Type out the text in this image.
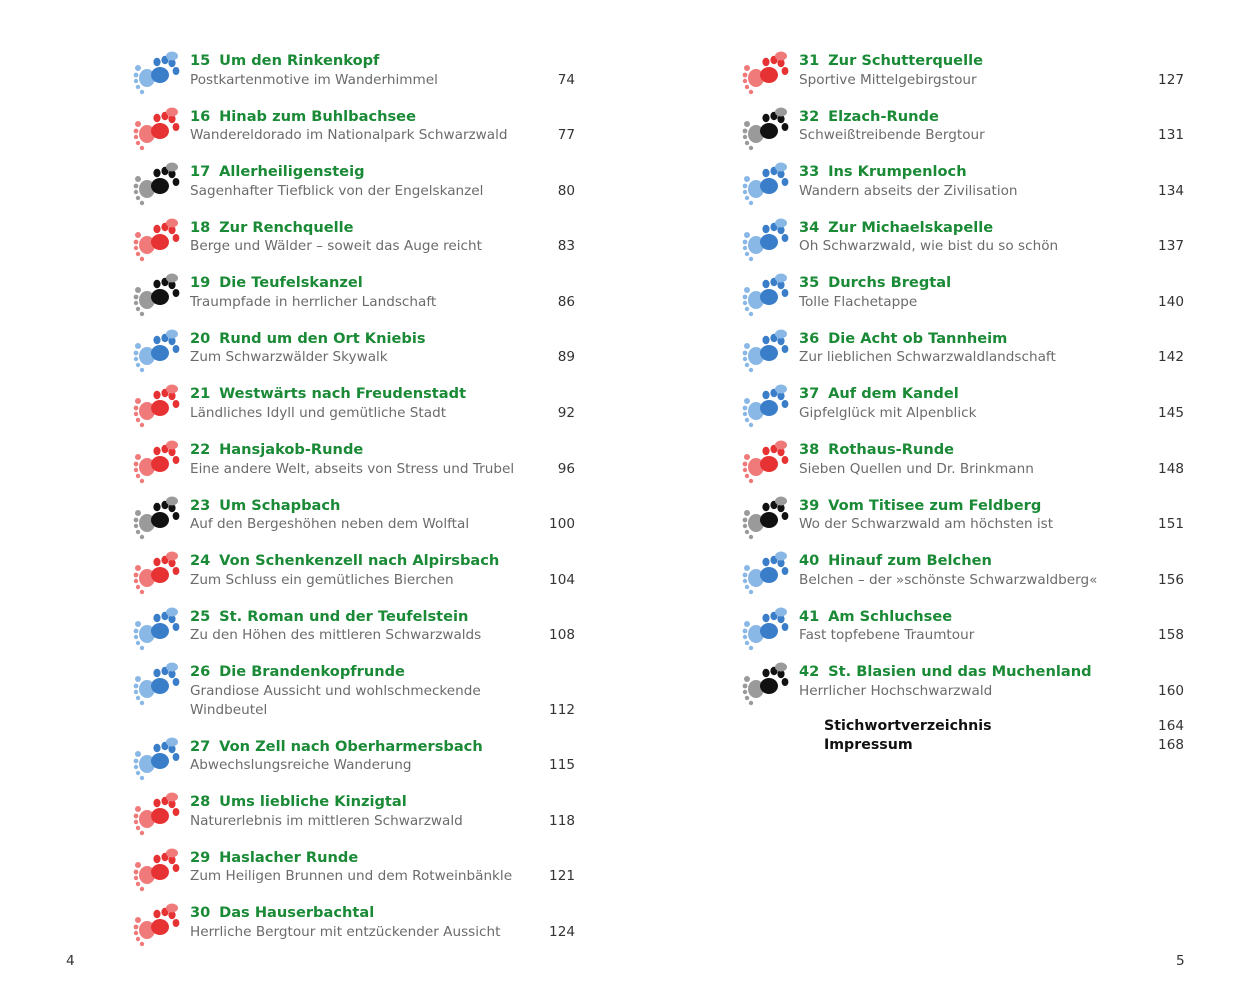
15 Um den Rinkenkopf
Postkartenmotive im Wanderhimmel	74
16 Hinab zum Buhlbachsee
Wandereldorado im Nationalpark Schwarzwald	77
17 Allerheiligensteig
Sagenhafter Tiefblick von der Engelskanzel	80
18 Zur Renchquelle
Berge und Wälder – soweit das Auge reicht	83
19 Die Teufelskanzel
Traumpfade in herrlicher Landschaft	86
20 Rund um den Ort Kniebis
Zum Schwarzwälder Skywalk	89
21 Westwärts nach Freudenstadt
Ländliches Idyll und gemütliche Stadt	92
22 Hansjakob-Runde
Eine andere Welt, abseits von Stress und Trubel	96
23 Um Schapbach
Auf den Bergeshöhen neben dem Wolftal	100
24 Von Schenkenzell nach Alpirsbach
Zum Schluss ein gemütliches Bierchen	104
25 St. Roman und der Teufelstein
Zu den Höhen des mittleren Schwarzwalds	108
26 Die Brandenkopfrunde
Grandiose Aussicht und wohlschmeckende
Windbeutel	112
27 Von Zell nach Oberharmersbach
Abwechslungsreiche Wanderung	115
28 Ums liebliche Kinzigtal
Naturerlebnis im mittleren Schwarzwald	118
29 Haslacher Runde
Zum Heiligen Brunnen und dem Rotweinbänkle	121
30 Das Hauserbachtal
Herrliche Bergtour mit entzückender Aussicht	124
31 Zur Schutterquelle
Sportive Mittelgebirgstour	127
32 Elzach-Runde
Schweißtreibende Bergtour	131
33 Ins Krumpenloch
Wandern abseits der Zivilisation	134
34 Zur Michaelskapelle
Oh Schwarzwald, wie bist du so schön	137
35 Durchs Bregtal
Tolle Flachetappe	140
36 Die Acht ob Tannheim
Zur lieblichen Schwarzwaldlandschaft	142
37 Auf dem Kandel
Gipfelglück mit Alpenblick	145
38 Rothaus-Runde
Sieben Quellen und Dr. Brinkmann	148
39 Vom Titisee zum Feldberg
Wo der Schwarzwald am höchsten ist	151
40 Hinauf zum Belchen
Belchen – der »schönste Schwarzwaldberg«	156
41 Am Schluchsee
Fast topfebene Traumtour	158
42 St. Blasien und das Muchenland
Herrlicher Hochschwarzwald	160
Stichwortverzeichnis	164
Impressum	168
4	5
